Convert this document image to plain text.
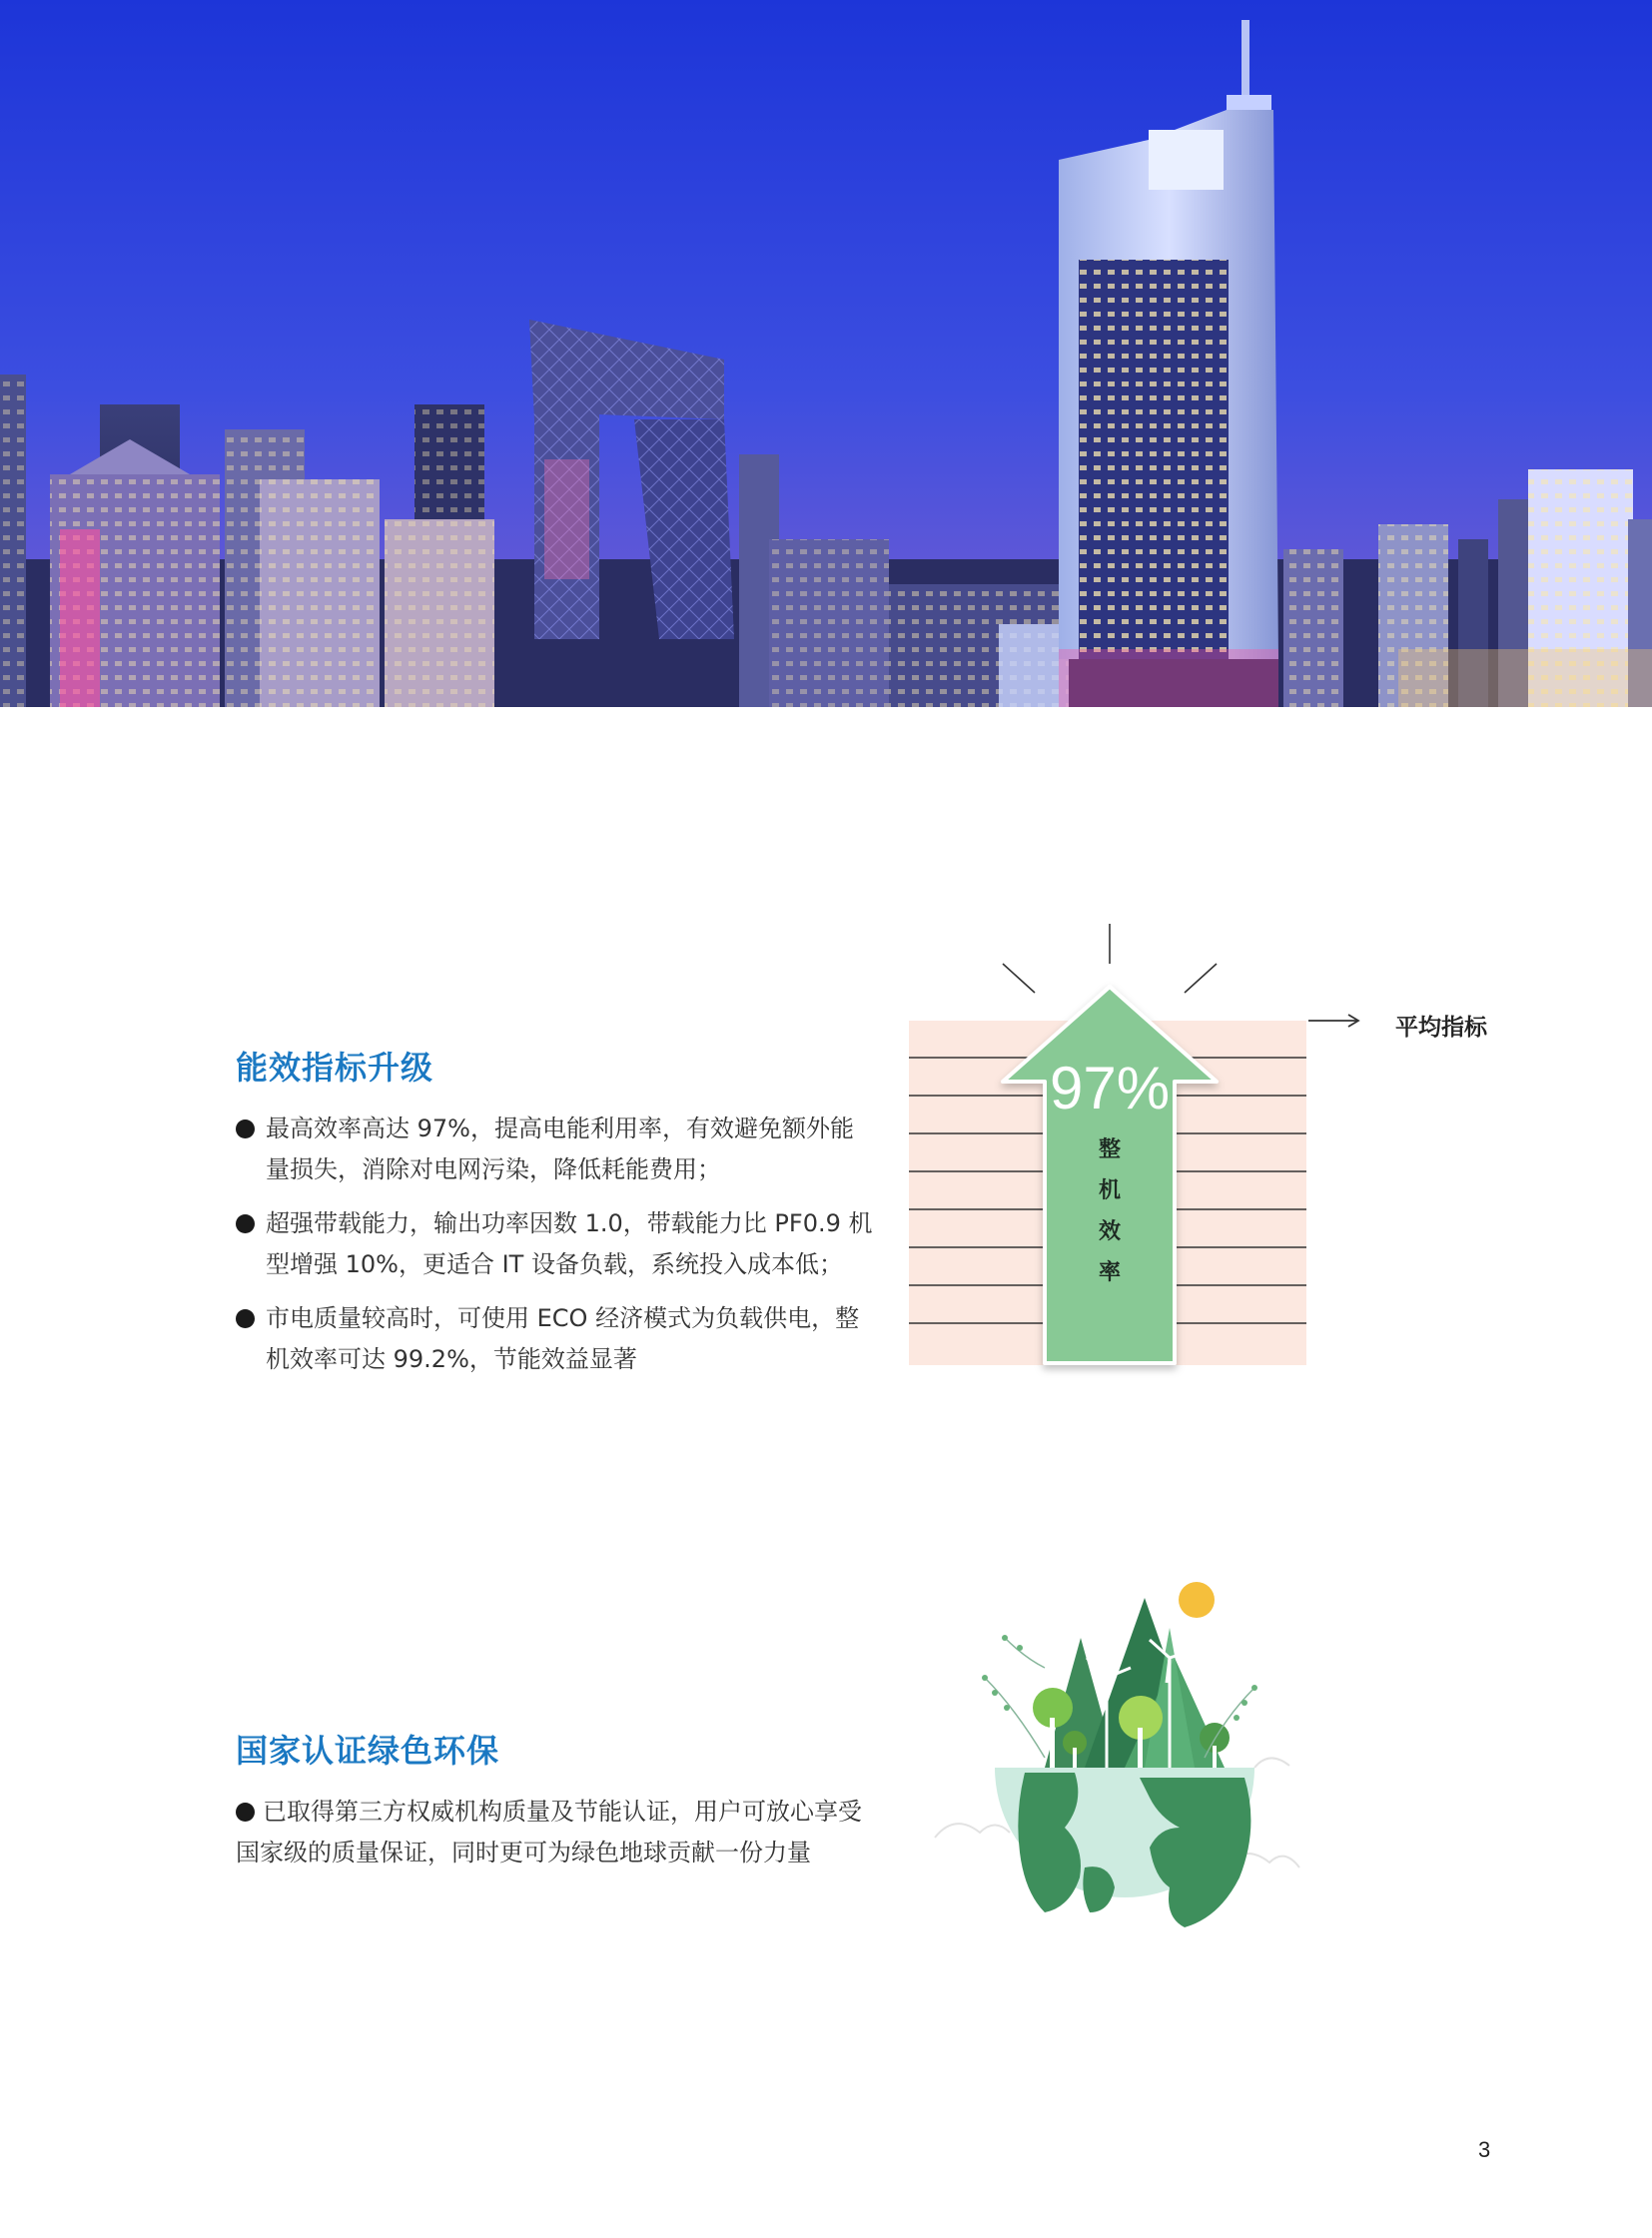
能效指标升级
最高效率高达 97%，提高电能利用率，有效避免额外能量损失，消除对电网污染，降低耗能费用；
超强带载能力，输出功率因数 1.0，带载能力比 PF0.9 机型增强 10%，更适合 IT 设备负载，系统投入成本低；
市电质量较高时，可使用 ECO 经济模式为负载供电，整机效率可达 99.2%，节能效益显著
97%
整
机
效
率

平均指标

国家认证绿色环保
已取得第三方权威机构质量及节能认证，用户可放心享受国家级的质量保证，同时更可为绿色地球贡献一份力量

3
